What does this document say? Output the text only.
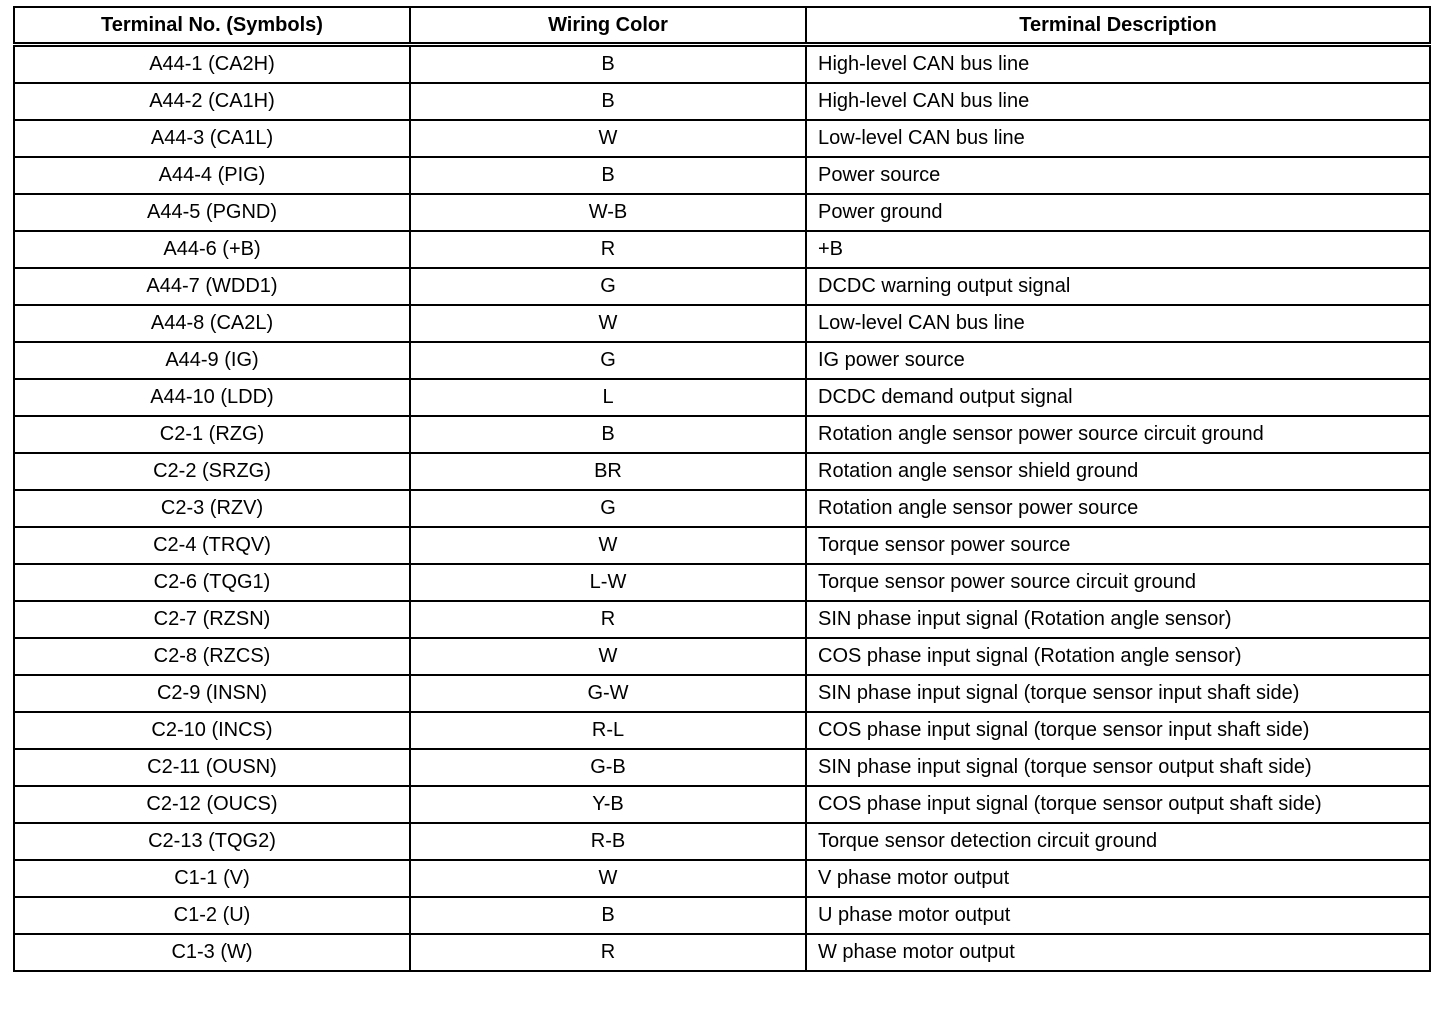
Terminal No. (Symbols)	Wiring Color	Terminal Description
A44-1 (CA2H)	B	High-level CAN bus line
A44-2 (CA1H)	B	High-level CAN bus line
A44-3 (CA1L)	W	Low-level CAN bus line
A44-4 (PIG)	B	Power source
A44-5 (PGND)	W-B	Power ground
A44-6 (+B)	R	+B
A44-7 (WDD1)	G	DCDC warning output signal
A44-8 (CA2L)	W	Low-level CAN bus line
A44-9 (IG)	G	IG power source
A44-10 (LDD)	L	DCDC demand output signal
C2-1 (RZG)	B	Rotation angle sensor power source circuit ground
C2-2 (SRZG)	BR	Rotation angle sensor shield ground
C2-3 (RZV)	G	Rotation angle sensor power source
C2-4 (TRQV)	W	Torque sensor power source
C2-6 (TQG1)	L-W	Torque sensor power source circuit ground
C2-7 (RZSN)	R	SIN phase input signal (Rotation angle sensor)
C2-8 (RZCS)	W	COS phase input signal (Rotation angle sensor)
C2-9 (INSN)	G-W	SIN phase input signal (torque sensor input shaft side)
C2-10 (INCS)	R-L	COS phase input signal (torque sensor input shaft side)
C2-11 (OUSN)	G-B	SIN phase input signal (torque sensor output shaft side)
C2-12 (OUCS)	Y-B	COS phase input signal (torque sensor output shaft side)
C2-13 (TQG2)	R-B	Torque sensor detection circuit ground
C1-1 (V)	W	V phase motor output
C1-2 (U)	B	U phase motor output
C1-3 (W)	R	W phase motor output
